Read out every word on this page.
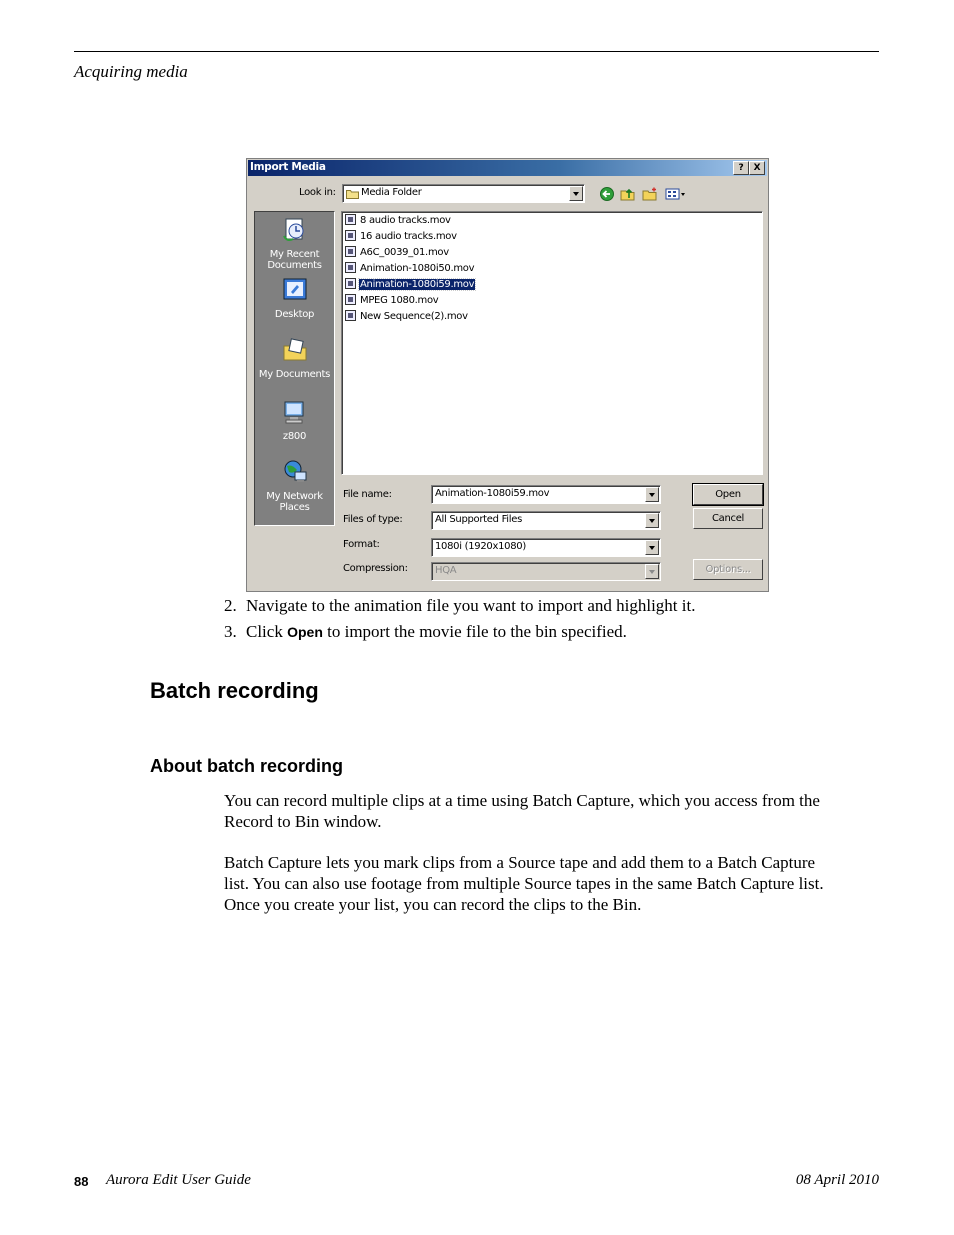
Acquiring media
Import Media	?	X
Look in:	Media Folder
My Recent
Documents
Desktop
My Documents
z800
My Network
Places
8 audio tracks.mov
16 audio tracks.mov
A6C_0039_01.mov
Animation-1080i50.mov
Animation-1080i59.mov
MPEG 1080.mov
New Sequence(2).mov
File name:	Animation-1080i59.mov
Files of type:	All Supported Files
Format:	1080i (1920x1080)
Compression:	HQA
Open
Cancel
Options...
2. Navigate to the animation file you want to import and highlight it.
3. Click Open to import the movie file to the bin specified.
Batch recording
About batch recording

You can record multiple clips at a time using Batch Capture, which you access from the Record to Bin window.

Batch Capture lets you mark clips from a Source tape and add them to a Batch Capture list. You can also use footage from multiple Source tapes in the same Batch Capture list. Once you create your list, you can record the clips to the Bin.

88 Aurora Edit User Guide	08 April 2010
